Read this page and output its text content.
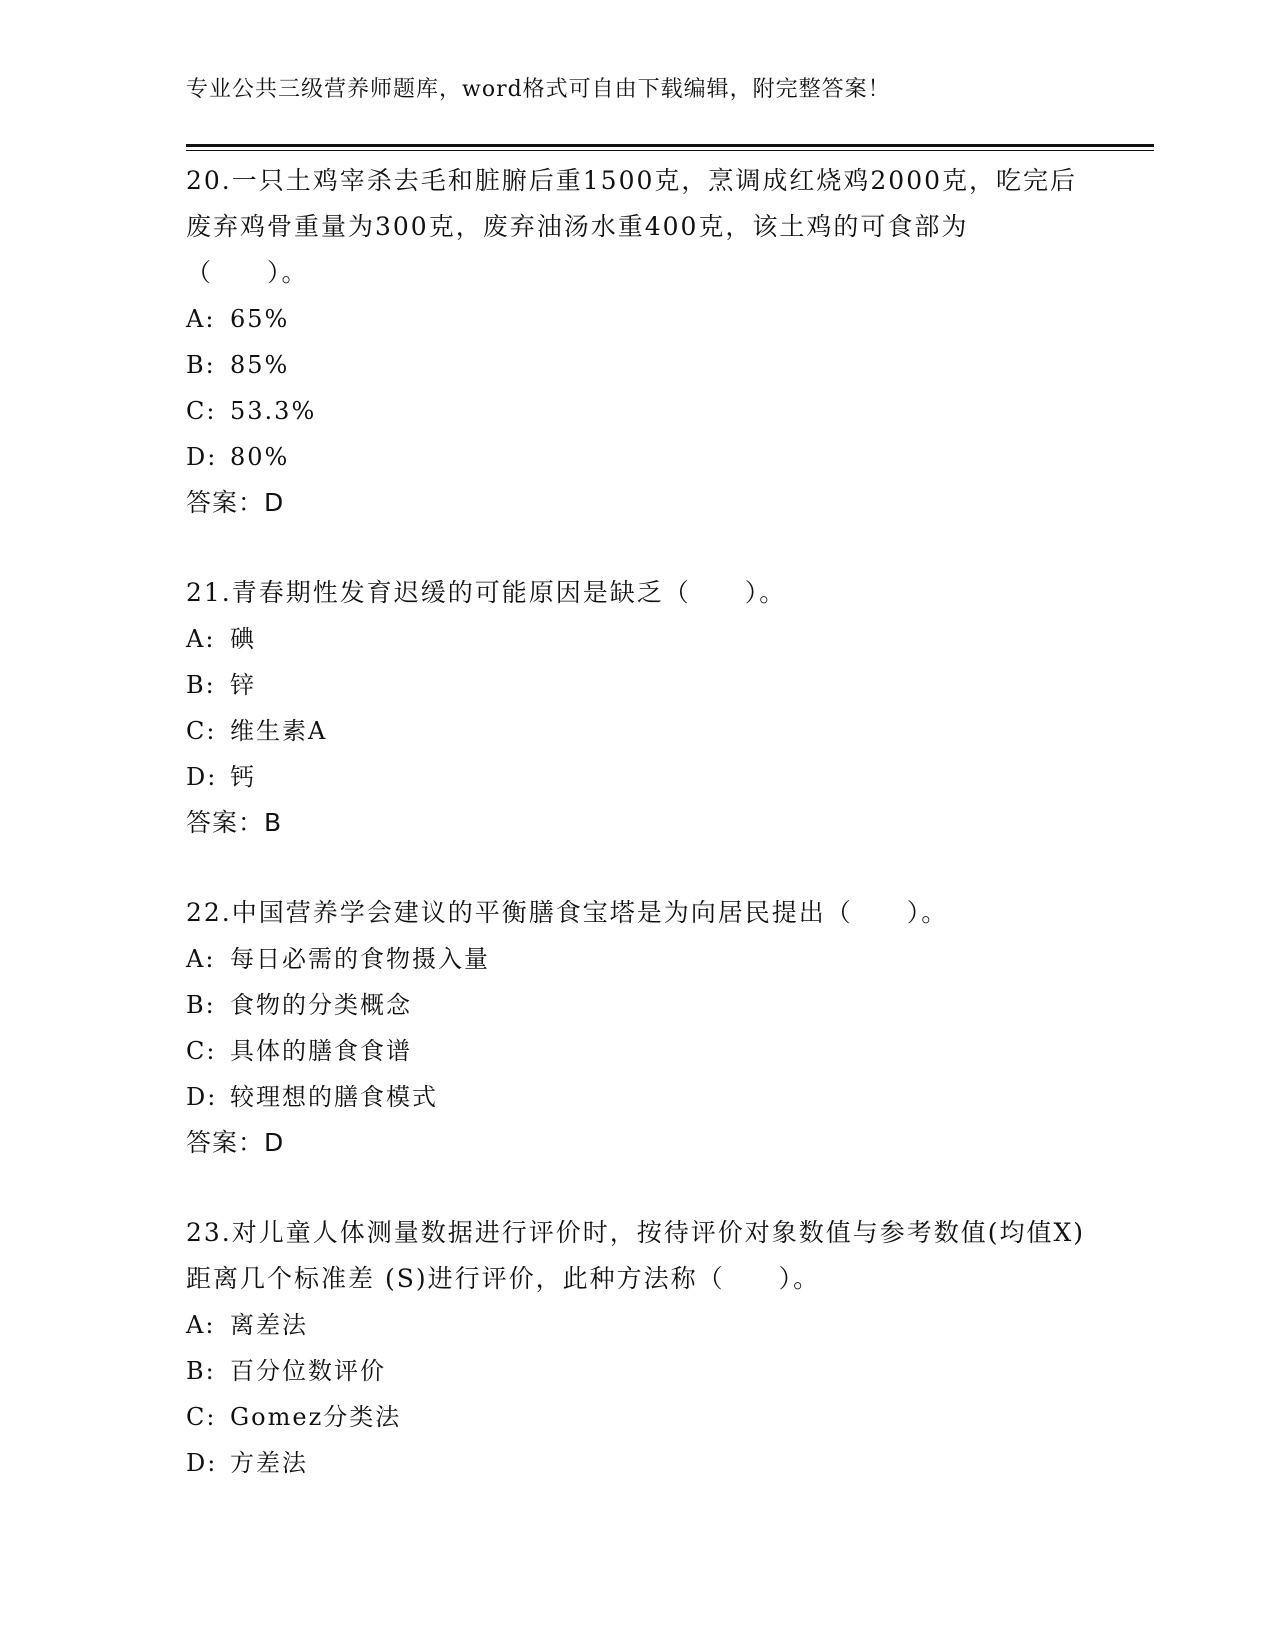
专业公共三级营养师题库，word格式可自由下载编辑，附完整答案！

20.一只土鸡宰杀去毛和脏腑后重1500克，烹调成红烧鸡2000克，吃完后废弃鸡骨重量为300克，废弃油汤水重400克，该土鸡的可食部为（　　）。

A: 65%
B: 85%
C: 53.3%
D: 80%
答案：D

21.青春期性发育迟缓的可能原因是缺乏（　　）。

A: 碘
B: 锌
C: 维生素A
D: 钙
答案：B

22.中国营养学会建议的平衡膳食宝塔是为向居民提出（　　）。

A: 每日必需的食物摄入量
B: 食物的分类概念
C: 具体的膳食食谱
D: 较理想的膳食模式
答案：D

23.对儿童人体测量数据进行评价时，按待评价对象数值与参考数值(均值X)距离几个标准差 (S)进行评价，此种方法称（　　）。

A: 离差法
B: 百分位数评价
C: Gomez分类法
D: 方差法
